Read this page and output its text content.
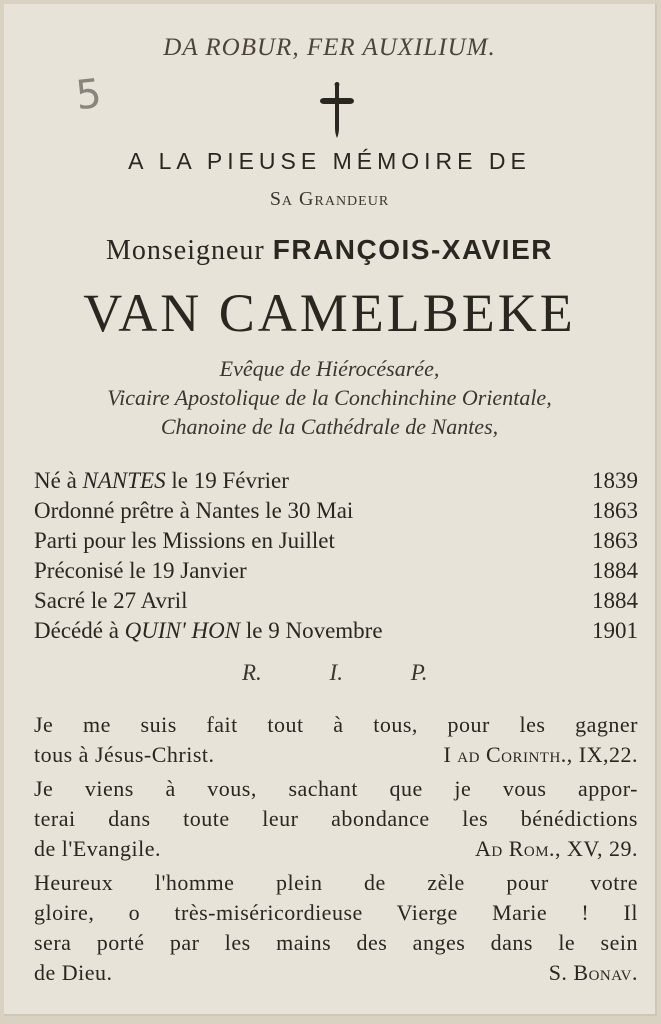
DA ROBUR, FER AUXILIUM.
5
A LA PIEUSE MÉMOIRE DE
Sa Grandeur
Monseigneur FRANÇOIS-XAVIER
VAN CAMELBEKE
Evêque de Hiérocésarée,
Vicaire Apostolique de la Conchinchine Orientale,
Chanoine de la Cathédrale de Nantes,
Né à NANTES le 19 Février	1839
Ordonné prêtre à Nantes le 30 Mai	1863
Parti pour les Missions en Juillet	1863
Préconisé le 19 Janvier	1884
Sacré le 27 Avril	1884
Décédé à QUIN' HON le 9 Novembre	1901
R. I. P.
Je me suis fait tout à tous, pour les gagner
tous à Jésus-Christ.	I ad Corinth., IX,22.
Je viens à vous, sachant que je vous appor-
terai dans toute leur abondance les bénédictions
de l'Evangile.	Ad Rom., XV, 29.
Heureux l'homme plein de zèle pour votre
gloire, o très-miséricordieuse Vierge Marie ! Il
sera porté par les mains des anges dans le sein
de Dieu.	S. Bonav.
